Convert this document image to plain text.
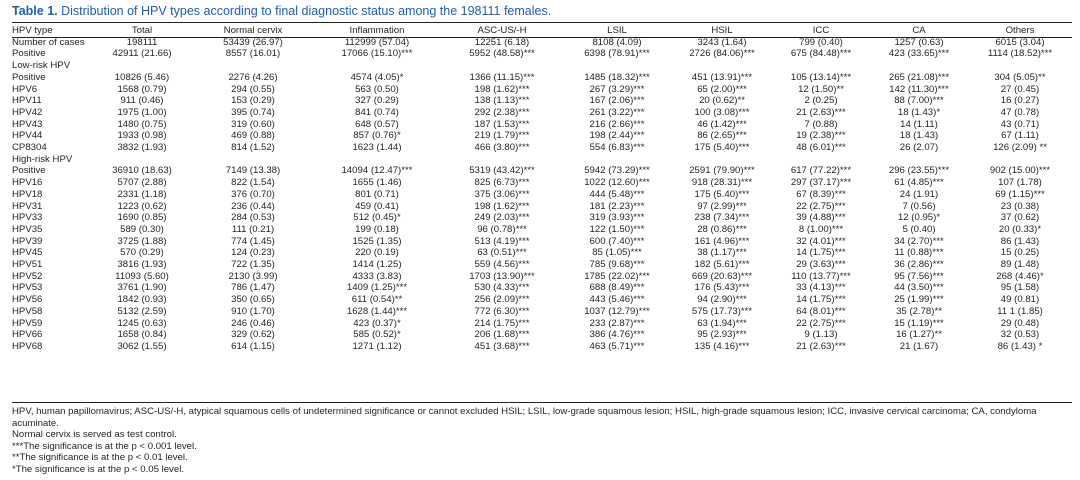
Table 1. Distribution of HPV types according to final diagnostic status among the 198111 females.
HPV type	Total	Normal cervix	Inflammation	ASC-US/-H	LSIL	HSIL	ICC	CA	Others
Number of cases	198111	53439 (26.97)	112999 (57.04)	12251 (6.18)	8108 (4.09)	3243 (1.64)	799 (0.40)	1257 (0.63)	6015 (3.04)
Positive	42911 (21.66)	8557 (16.01)	17066 (15.10)***	5952 (48.58)***	6398 (78.91)***	2726 (84.06)***	675 (84.48)***	423 (33.65)***	1114 (18.52)***
Low-risk HPV									
Positive	10826 (5.46)	2276 (4.26)	4574 (4.05)*	1366 (11.15)***	1485 (18.32)***	451 (13.91)***	105 (13.14)***	265 (21.08)***	304 (5.05)**
HPV6	1568 (0.79)	294 (0.55)	563 (0.50)	198 (1.62)***	267 (3.29)***	65 (2.00)***	12 (1.50)**	142 (11.30)***	27 (0.45)
HPV11	911 (0.46)	153 (0.29)	327 (0.29)	138 (1.13)***	167 (2.06)***	20 (0.62)**	2 (0.25)	88 (7.00)***	16 (0.27)
HPV42	1975 (1.00)	395 (0.74)	841 (0.74)	292 (2.38)***	261 (3.22)***	100 (3.08)***	21 (2.63)***	18 (1.43)*	47 (0.78)
HPV43	1480 (0.75)	319 (0.60)	648 (0.57)	187 (1.53)***	216 (2.66)***	46 (1.42)***	7 (0.88)	14 (1.11)	43 (0.71)
HPV44	1933 (0.98)	469 (0.88)	857 (0.76)*	219 (1.79)***	198 (2.44)***	86 (2.65)***	19 (2.38)***	18 (1.43)	67 (1.11)
CP8304	3832 (1.93)	814 (1.52)	1623 (1.44)	466 (3.80)***	554 (6.83)***	175 (5.40)***	48 (6.01)***	26 (2.07)	126 (2.09) **
High-risk HPV									
Positive	36910 (18.63)	7149 (13.38)	14094 (12.47)***	5319 (43.42)***	5942 (73.29)***	2591 (79.90)***	617 (77.22)***	296 (23.55)***	902 (15.00)***
HPV16	5707 (2.88)	822 (1.54)	1655 (1.46)	825 (6.73)***	1022 (12.60)***	918 (28.31)***	297 (37.17)***	61 (4.85)***	107 (1.78)
HPV18	2331 (1.18)	376 (0.70)	801 (0.71)	375 (3.06)***	444 (5.48)***	175 (5.40)***	67 (8.39)***	24 (1.91)	69 (1.15)***
HPV31	1223 (0.62)	236 (0.44)	459 (0.41)	198 (1.62)***	181 (2.23)***	97 (2.99)***	22 (2.75)***	7 (0.56)	23 (0.38)
HPV33	1690 (0.85)	284 (0.53)	512 (0.45)*	249 (2.03)***	319 (3.93)***	238 (7.34)***	39 (4.88)***	12 (0.95)*	37 (0.62)
HPV35	589 (0.30)	111 (0.21)	199 (0.18)	96 (0.78)***	122 (1.50)***	28 (0.86)***	8 (1.00)***	5 (0.40)	20 (0.33)*
HPV39	3725 (1.88)	774 (1.45)	1525 (1.35)	513 (4.19)***	600 (7.40)***	161 (4.96)***	32 (4.01)***	34 (2.70)***	86 (1.43)
HPV45	570 (0.29)	124 (0.23)	220 (0.19)	63 (0.51)***	85 (1.05)***	38 (1.17)***	14 (1.75)***	11 (0.88)***	15 (0.25)
HPV51	3816 (1.93)	722 (1.35)	1414 (1.25)	559 (4.56)***	785 (9.68)***	182 (5.61)***	29 (3.63)***	36 (2.86)***	89 (1.48)
HPV52	11093 (5.60)	2130 (3.99)	4333 (3.83)	1703 (13.90)***	1785 (22.02)***	669 (20.63)***	110 (13.77)***	95 (7.56)***	268 (4.46)*
HPV53	3761 (1.90)	786 (1.47)	1409 (1.25)***	530 (4.33)***	688 (8.49)***	176 (5.43)***	33 (4.13)***	44 (3.50)***	95 (1.58)
HPV56	1842 (0.93)	350 (0.65)	611 (0.54)**	256 (2.09)***	443 (5.46)***	94 (2.90)***	14 (1.75)***	25 (1.99)***	49 (0.81)
HPV58	5132 (2.59)	910 (1.70)	1628 (1.44)***	772 (6.30)***	1037 (12.79)***	575 (17.73)***	64 (8.01)***	35 (2.78)**	11 1 (1.85)
HPV59	1245 (0.63)	246 (0.46)	423 (0.37)*	214 (1.75)***	233 (2.87)***	63 (1.94)***	22 (2.75)***	15 (1.19)***	29 (0.48)
HPV66	1658 (0.84)	329 (0.62)	585 (0.52)*	206 (1.68)***	386 (4.76)***	95 (2.93)***	9 (1.13)	16 (1.27)**	32 (0.53)
HPV68	3062 (1.55)	614 (1.15)	1271 (1.12)	451 (3.68)***	463 (5.71)***	135 (4.16)***	21 (2.63)***	21 (1.67)	86 (1.43) *

HPV, human papillomavirus; ASC-US/-H, atypical squamous cells of undetermined significance or cannot excluded HSIL; LSIL, low-grade squamous lesion; HSIL, high-grade squamous lesion; ICC, invasive cervical carcinoma; CA, condyloma acuminate.

Normal cervix is served as test control.

***The significance is at the p < 0.001 level.

**The significance is at the p < 0.01 level.

*The significance is at the p < 0.05 level.
